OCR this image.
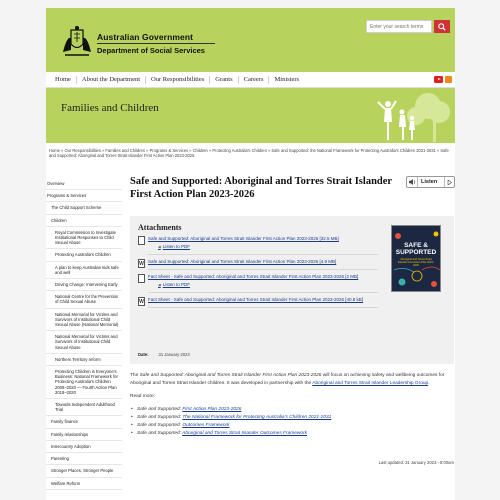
Australian Government
Department of Social Services
Enter your search terms
Home	About the Department	Our Responsibilities	Grants	Careers	Ministers
Families and Children
Home » Our Responsibilities » Families and Children » Programs & Services » Children » Protecting Australia's Children » Safe and Supported: the National Framework for Protecting Australia's Children 2021-2031 » Safe and Supported: Aboriginal and Torres Strait Islander First Action Plan 2023-2026
Overview
Programs & Services
The Child Support Scheme
Children
Royal Commission to Investigate Institutional Responses to Child Sexual Abuse
Protecting Australia's Children
A plan to keep Australian kids safe and well
Driving Change: Intervening Early
National Centre for the Prevention of Child Sexual Abuse
National Memorial for Victims and Survivors of Institutional Child Sexual Abuse (National Memorial)
National Memorial for Victims and Survivors of Institutional Child Sexual Abuse
Northern Territory reform
Protecting Children is Everyone's Business: National Framework for Protecting Australia's Children 2009–2020 — Fourth Action Plan 2018–2020
Towards Independent Adulthood Trial
Family finance
Family relationships
Intercountry Adoption
Parenting
Stronger Places, Stronger People
Welfare Reform
Safe and Supported: Aboriginal and Torres Strait Islander First Action Plan 2023-2026
Listen
Attachments
Safe and Supported: Aboriginal and Torres Strait Islander First Action Plan 2023-2026 [32.5 MB]
◀ Listen to PDF
W Safe and Supported: Aboriginal and Torres Strait Islander First Action Plan 2023-2026 [4.9 MB]
Fact Sheet - Safe and Supported: Aboriginal and Torres Strait Islander First Action Plan 2023-2026 [2 MB]
◀ Listen to PDF
W Fact Sheet - Safe and Supported: Aboriginal and Torres Strait Islander First Action Plan 2023-2026 [40.8 kB]
Date: 31 January 2023
SAFE & SUPPORTED
Aboriginal and Torres Strait Islander First Action Plan 2023–2026

The Safe and Supported: Aboriginal and Torres Strait Islander First Action Plan 2023-2026 will focus on achieving safety and wellbeing outcomes for Aboriginal and Torres Strait Islander children. It was developed in partnership with the Aboriginal and Torres Strait Islander Leadership Group.

Read more:

• Safe and Supported: First Action Plan 2023-2026
• Safe and Supported: The National Framework for Protecting Australia's Children 2021-2031
• Safe and Supported: Outcomes Framework
• Safe and Supported: Aboriginal and Torres Strait Islander Outcomes Framework
Last updated: 31 January 2023 - 8:00am
